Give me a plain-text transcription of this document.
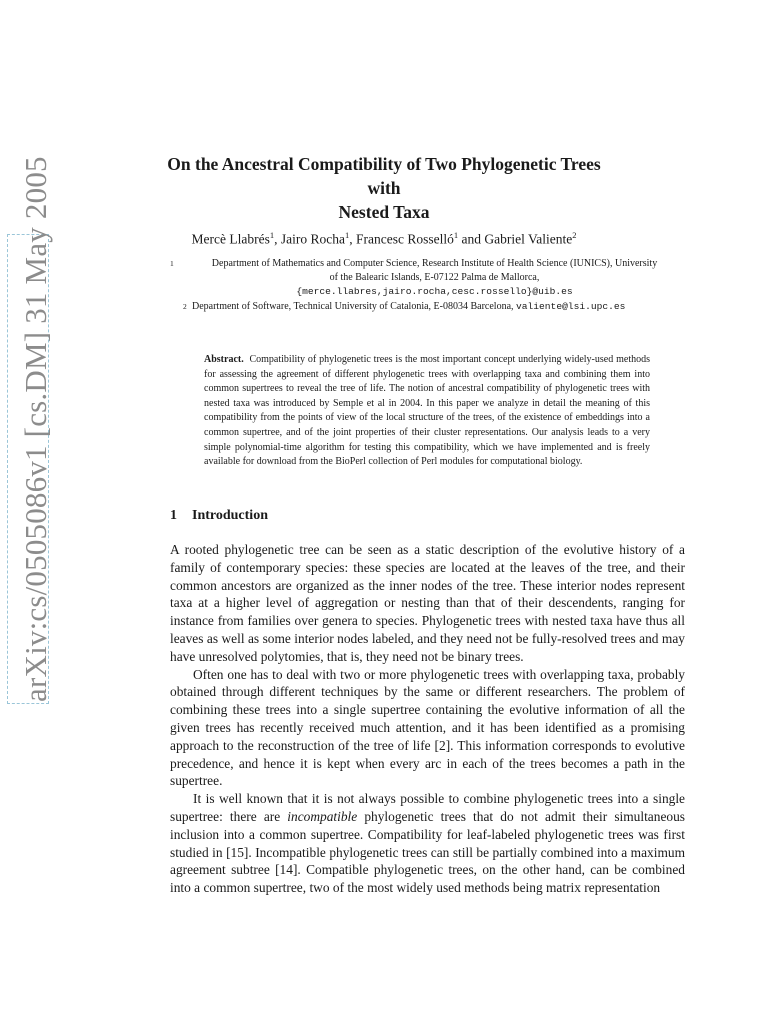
arXiv:cs/0505086v1 [cs.DM] 31 May 2005	On the Ancestral Compatibility of Two Phylogenetic Trees with
Nested Taxa
Mercè Llabrés$^1$, Jairo Rocha$^1$, Francesc Rosselló$^1$ and Gabriel Valiente$^2$
1	Department of Mathematics and Computer Science, Research Institute of Health Science (IUNICS), University
of the Balearic Islands, E-07122 Palma de Mallorca,
{merce.llabres,jairo.rocha,cesc.rossello}@uib.es
2 Department of Software, Technical University of Catalonia, E-08034 Barcelona, valiente@lsi.upc.es

Abstract. Compatibility of phylogenetic trees is the most important concept underlying widely-used methods for assessing the agreement of different phylogenetic trees with overlapping taxa and combining them into common supertrees to reveal the tree of life. The notion of ancestral compatibility of phylogenetic trees with nested taxa was introduced by Semple et al in 2004. In this paper we analyze in detail the meaning of this compatibility from the points of view of the local structure of the trees, of the existence of embeddings into a common supertree, and of the joint properties of their cluster representations. Our analysis leads to a very simple polynomial-time algorithm for testing this compatibility, which we have implemented and is freely available for download from the BioPerl collection of Perl modules for computational biology.

1 Introduction

A rooted phylogenetic tree can be seen as a static description of the evolutive history of a family of contemporary species: these species are located at the leaves of the tree, and their common ancestors are organized as the inner nodes of the tree. These interior nodes represent taxa at a higher level of aggregation or nesting than that of their descendents, ranging for instance from families over genera to species. Phylogenetic trees with nested taxa have thus all leaves as well as some interior nodes labeled, and they need not be fully-resolved trees and may have unresolved polytomies, that is, they need not be binary trees.

Often one has to deal with two or more phylogenetic trees with overlapping taxa, probably obtained through different techniques by the same or different researchers. The problem of combining these trees into a single supertree containing the evolutive information of all the given trees has recently received much attention, and it has been identified as a promising approach to the reconstruction of the tree of life [2]. This information corresponds to evolutive precedence, and hence it is kept when every arc in each of the trees becomes a path in the supertree.

It is well known that it is not always possible to combine phylogenetic trees into a single supertree: there are incompatible phylogenetic trees that do not admit their simultaneous inclusion into a common supertree. Compatibility for leaf-labeled phylogenetic trees was first studied in [15]. Incompatible phylogenetic trees can still be partially combined into a maximum agreement subtree [14]. Compatible phylogenetic trees, on the other hand, can be combined into a common supertree, two of the most widely used methods being matrix representation
